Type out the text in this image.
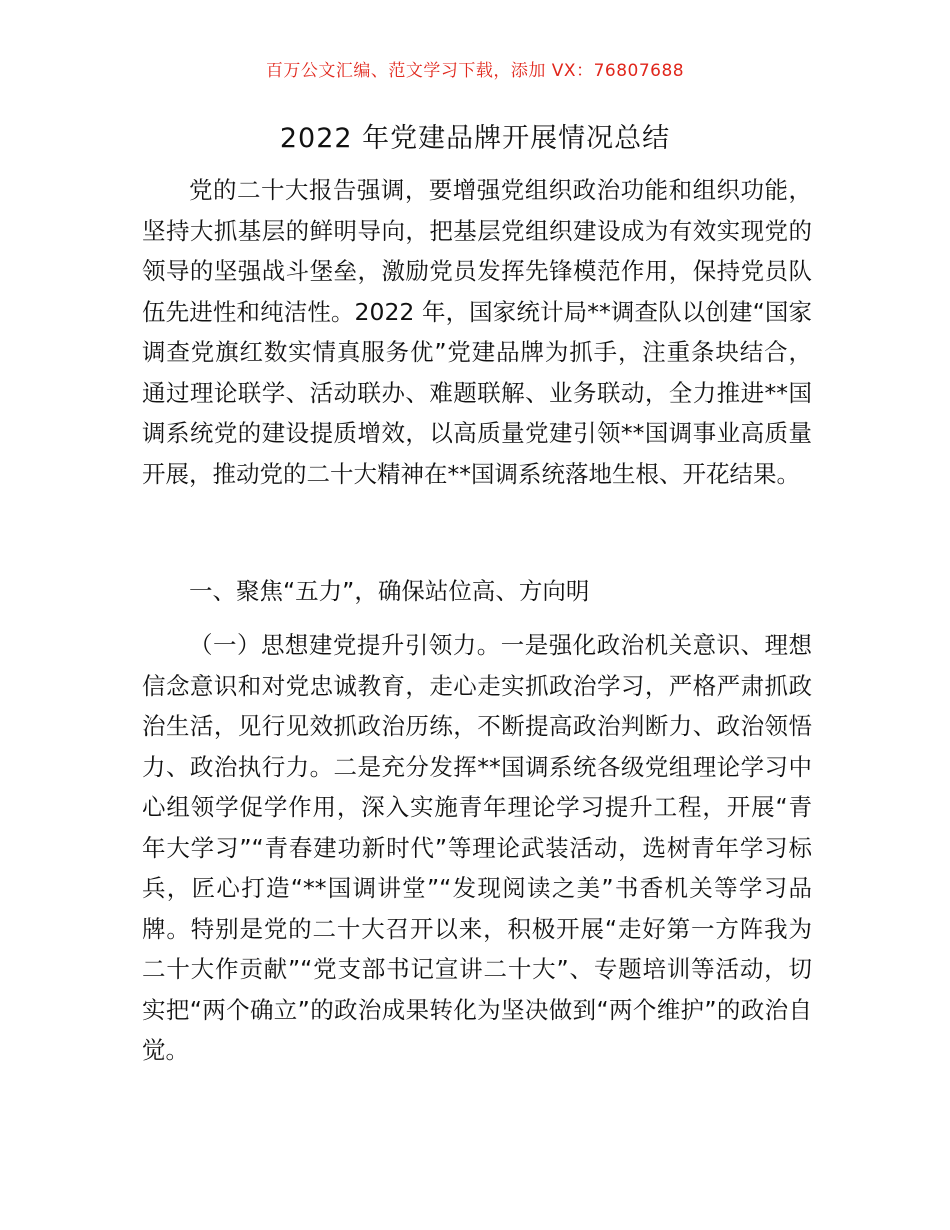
百万公文汇编、范文学习下载，添加 VX：76807688
2022 年党建品牌开展情况总结

党的二十大报告强调，要增强党组织政治功能和组织功能，坚持大抓基层的鲜明导向，把基层党组织建设成为有效实现党的领导的坚强战斗堡垒，激励党员发挥先锋模范作用，保持党员队伍先进性和纯洁性。2022 年，国家统计局**调查队以创建“国家调查党旗红数实情真服务优”党建品牌为抓手，注重条块结合，通过理论联学、活动联办、难题联解、业务联动，全力推进**国调系统党的建设提质增效，以高质量党建引领**国调事业高质量开展，推动党的二十大精神在**国调系统落地生根、开花结果。

一、聚焦“五力”，确保站位高、方向明

（一）思想建党提升引领力。一是强化政治机关意识、理想信念意识和对党忠诚教育，走心走实抓政治学习，严格严肃抓政治生活，见行见效抓政治历练，不断提高政治判断力、政治领悟力、政治执行力。二是充分发挥**国调系统各级党组理论学习中心组领学促学作用，深入实施青年理论学习提升工程，开展“青年大学习”“青春建功新时代”等理论武装活动，选树青年学习标兵，匠心打造“**国调讲堂”“发现阅读之美”书香机关等学习品牌。特别是党的二十大召开以来，积极开展“走好第一方阵我为二十大作贡献”“党支部书记宣讲二十大”、专题培训等活动，切实把“两个确立”的政治成果转化为坚决做到“两个维护”的政治自觉。
